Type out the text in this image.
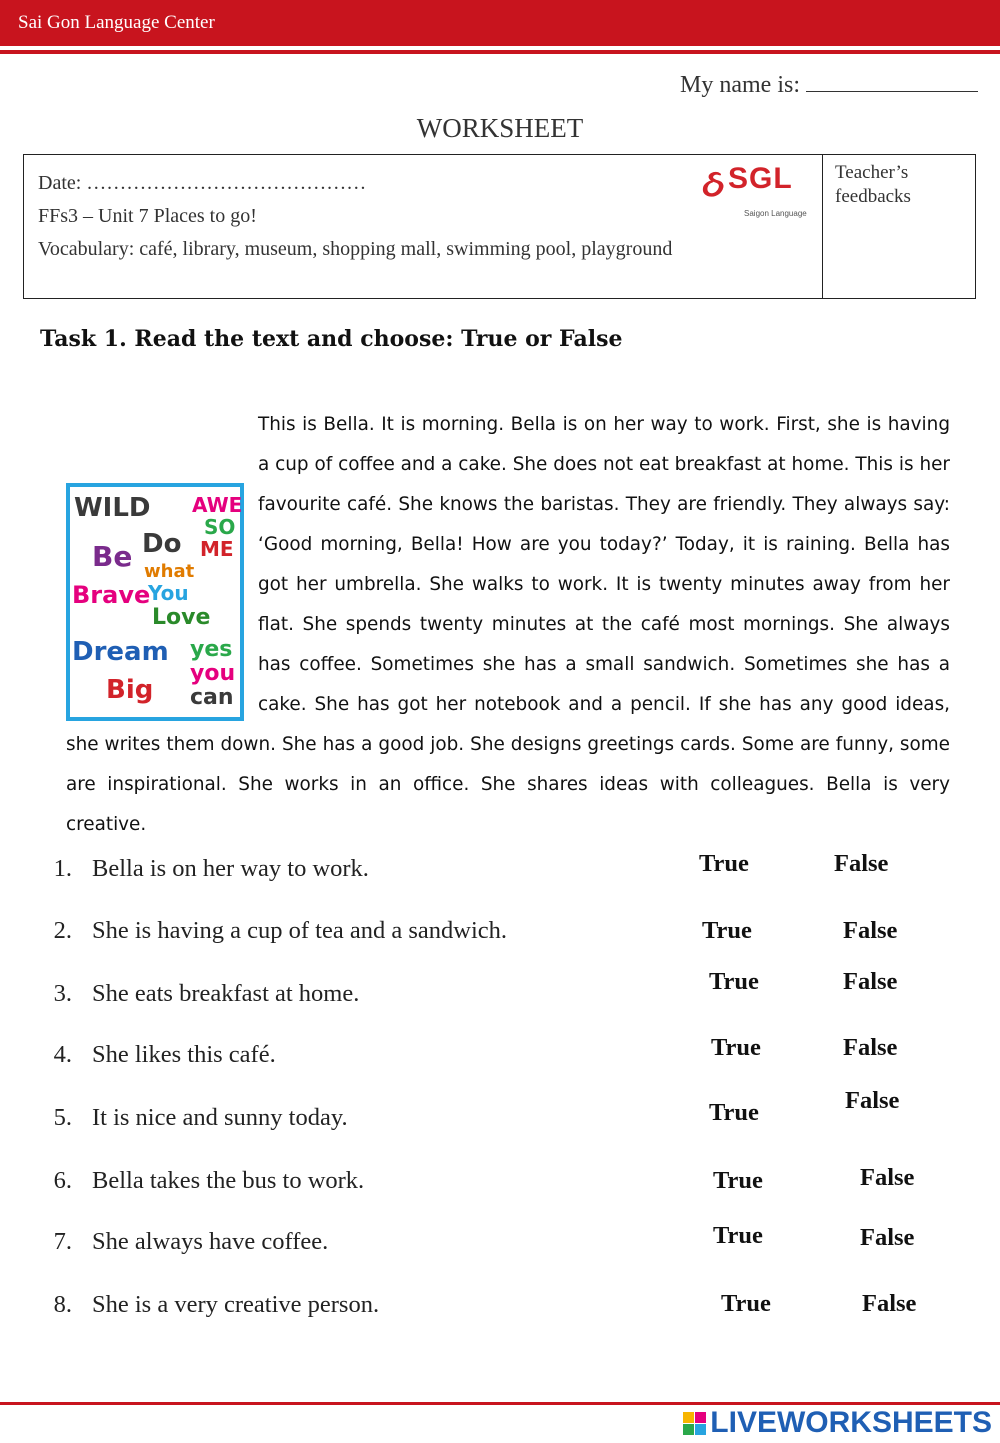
Sai Gon Language Center
My name is:
WORKSHEET
Date: ……………………………………
FFs3 – Unit 7 Places to go!
Vocabulary: café, library, museum, shopping mall, swimming pool, playground
ઠ SGL
Saigon Language
Teacher’s feedbacks
Task 1. Read the text and choose: True or False
WILD AWE
SO
ME
Be Do
what
Brave
You
Love
Dream
Big
yes
you
can
This is Bella. It is morning. Bella is on her way to work. First, she is having a cup of coffee and a cake. She does not eat breakfast at home. This is her favourite café. She knows the baristas. They are friendly. They always say: ‘Good morning, Bella! How are you today?’ Today, it is raining. Bella has got her umbrella. She walks to work. It is twenty minutes away from her flat. She spends twenty minutes at the café most mornings. She always has coffee. Sometimes she has a small sandwich. Sometimes she has a cake. She has got her notebook and a pencil. If she has any good ideas, she writes them down. She has a good job. She designs greetings cards. Some are funny, some are inspirational. She works in an office. She shares ideas with colleagues. Bella is very creative.
1. Bella is on her way to work.	True	False
2. She is having a cup of tea and a sandwich.	True	False
3. She eats breakfast at home.	True	False
4. She likes this café.	True	False
5. It is nice and sunny today.	True	False
6. Bella takes the bus to work.	True	False
7. She always have coffee.	True	False
8. She is a very creative person.	True	False
LIVEWORKSHEETS
